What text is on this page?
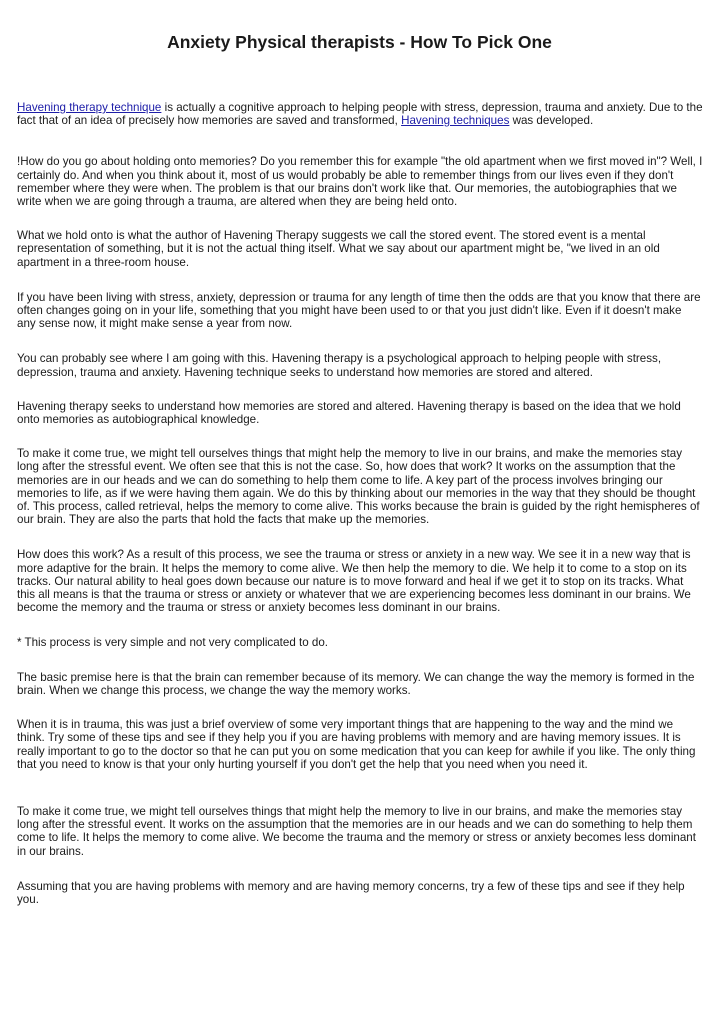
Anxiety Physical therapists - How To Pick One

Havening therapy technique is actually a cognitive approach to helping people with stress, depression, trauma and anxiety. Due to the fact that of an idea of precisely how memories are saved and transformed, Havening techniques was developed.

!How do you go about holding onto memories? Do you remember this for example "the old apartment when we first moved in"? Well, I certainly do. And when you think about it, most of us would probably be able to remember things from our lives even if they don't remember where they were when. The problem is that our brains don't work like that. Our memories, the autobiographies that we write when we are going through a trauma, are altered when they are being held onto.

What we hold onto is what the author of Havening Therapy suggests we call the stored event. The stored event is a mental representation of something, but it is not the actual thing itself. What we say about our apartment might be, "we lived in an old apartment in a three-room house.

If you have been living with stress, anxiety, depression or trauma for any length of time then the odds are that you know that there are often changes going on in your life, something that you might have been used to or that you just didn't like. Even if it doesn't make any sense now, it might make sense a year from now.

You can probably see where I am going with this. Havening therapy is a psychological approach to helping people with stress, depression, trauma and anxiety. Havening technique seeks to understand how memories are stored and altered.

Havening therapy seeks to understand how memories are stored and altered. Havening therapy is based on the idea that we hold onto memories as autobiographical knowledge.

To make it come true, we might tell ourselves things that might help the memory to live in our brains, and make the memories stay long after the stressful event. We often see that this is not the case. So, how does that work? It works on the assumption that the memories are in our heads and we can do something to help them come to life. A key part of the process involves bringing our memories to life, as if we were having them again. We do this by thinking about our memories in the way that they should be thought of. This process, called retrieval, helps the memory to come alive. This works because the brain is guided by the right hemispheres of our brain. They are also the parts that hold the facts that make up the memories.

How does this work? As a result of this process, we see the trauma or stress or anxiety in a new way. We see it in a new way that is more adaptive for the brain. It helps the memory to come alive. We then help the memory to die. We help it to come to a stop on its tracks. Our natural ability to heal goes down because our nature is to move forward and heal if we get it to stop on its tracks. What this all means is that the trauma or stress or anxiety or whatever that we are experiencing becomes less dominant in our brains. We become the memory and the trauma or stress or anxiety becomes less dominant in our brains.

* This process is very simple and not very complicated to do.

The basic premise here is that the brain can remember because of its memory. We can change the way the memory is formed in the brain. When we change this process, we change the way the memory works.

When it is in trauma, this was just a brief overview of some very important things that are happening to the way and the mind we think. Try some of these tips and see if they help you if you are having problems with memory and are having memory issues. It is really important to go to the doctor so that he can put you on some medication that you can keep for awhile if you like. The only thing that you need to know is that your only hurting yourself if you don't get the help that you need when you need it.

To make it come true, we might tell ourselves things that might help the memory to live in our brains, and make the memories stay long after the stressful event. It works on the assumption that the memories are in our heads and we can do something to help them come to life. It helps the memory to come alive. We become the trauma and the memory or stress or anxiety becomes less dominant in our brains.

Assuming that you are having problems with memory and are having memory concerns, try a few of these tips and see if they help you.
